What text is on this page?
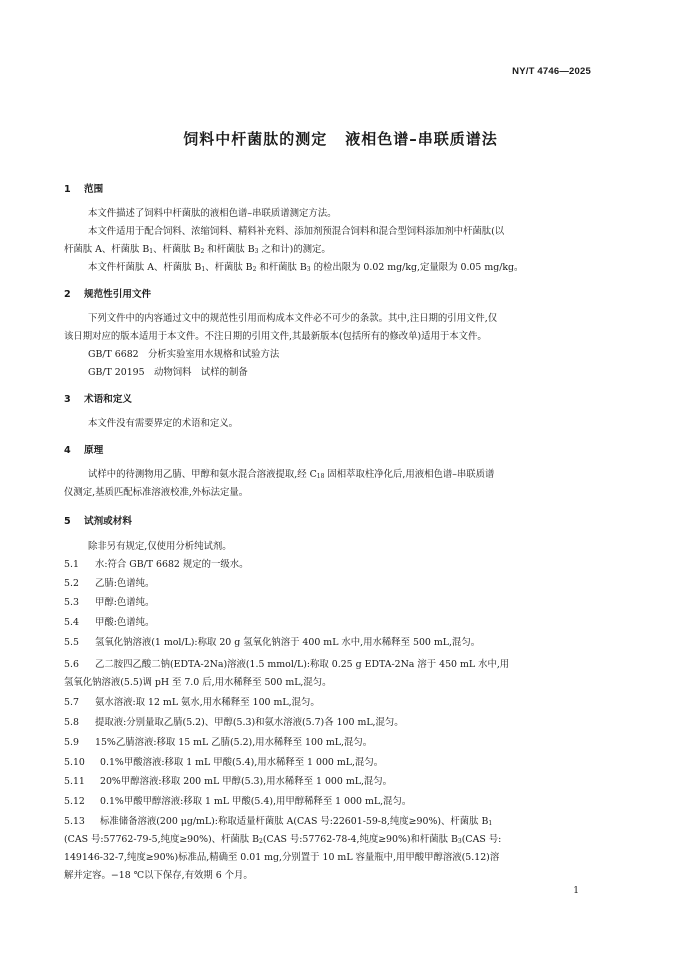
NY/T 4746—2025
饲料中杆菌肽的测定 液相色谱–串联质谱法
1 范围
本文件描述了饲料中杆菌肽的液相色谱–串联质谱测定方法。
本文件适用于配合饲料、浓缩饲料、精料补充料、添加剂预混合饲料和混合型饲料添加剂中杆菌肽(以
杆菌肽 A、杆菌肽 $B_1$、杆菌肽 $B_2$ 和杆菌肽 $B_3$ 之和计)的测定。
本文件杆菌肽 A、杆菌肽 $B_1$、杆菌肽 $B_2$ 和杆菌肽 $B_3$ 的检出限为 0.02 mg/kg,定量限为 0.05 mg/kg。
2 规范性引用文件
下列文件中的内容通过文中的规范性引用而构成本文件必不可少的条款。其中,注日期的引用文件,仅
该日期对应的版本适用于本文件。不注日期的引用文件,其最新版本(包括所有的修改单)适用于本文件。
GB/T 6682　分析实验室用水规格和试验方法
GB/T 20195　动物饲料　试样的制备
3 术语和定义
本文件没有需要界定的术语和定义。
4 原理
试样中的待测物用乙腈、甲醇和氨水混合溶液提取,经 $C_{18}$ 固相萃取柱净化后,用液相色谱–串联质谱
仪测定,基质匹配标准溶液校准,外标法定量。
5 试剂或材料
除非另有规定,仅使用分析纯试剂。
5.1 水:符合 GB/T 6682 规定的一级水。
5.2 乙腈:色谱纯。
5.3 甲醇:色谱纯。
5.4 甲酸:色谱纯。
5.5 氢氧化钠溶液(1 mol/L):称取 20 g 氢氧化钠溶于 400 mL 水中,用水稀释至 500 mL,混匀。
5.6 乙二胺四乙酸二钠(EDTA-2Na)溶液(1.5 mmol/L):称取 0.25 g EDTA-2Na 溶于 450 mL 水中,用
氢氧化钠溶液(5.5)调 pH 至 7.0 后,用水稀释至 500 mL,混匀。
5.7 氨水溶液:取 12 mL 氨水,用水稀释至 100 mL,混匀。
5.8 提取液:分别量取乙腈(5.2)、甲醇(5.3)和氨水溶液(5.7)各 100 mL,混匀。
5.9 15%乙腈溶液:移取 15 mL 乙腈(5.2),用水稀释至 100 mL,混匀。
5.10 0.1%甲酸溶液:移取 1 mL 甲酸(5.4),用水稀释至 1 000 mL,混匀。
5.11 20%甲醇溶液:移取 200 mL 甲醇(5.3),用水稀释至 1 000 mL,混匀。
5.12 0.1%甲酸甲醇溶液:移取 1 mL 甲酸(5.4),用甲醇稀释至 1 000 mL,混匀。
5.13 标准储备溶液(200 μg/mL):称取适量杆菌肽 A(CAS 号:22601-59-8,纯度≥90%)、杆菌肽 $B_1$
(CAS 号:57762-79-5,纯度≥90%)、杆菌肽 $B_2(CAS$ 号:57762-78-4,纯度≥90%)和杆菌肽 $B_3(CAS$ 号:
149146-32-7,纯度≥90%)标准品,精确至 0.01 mg,分别置于 10 mL 容量瓶中,用甲酸甲醇溶液(5.12)溶
解并定容。−18 ℃以下保存,有效期 6 个月。
1
